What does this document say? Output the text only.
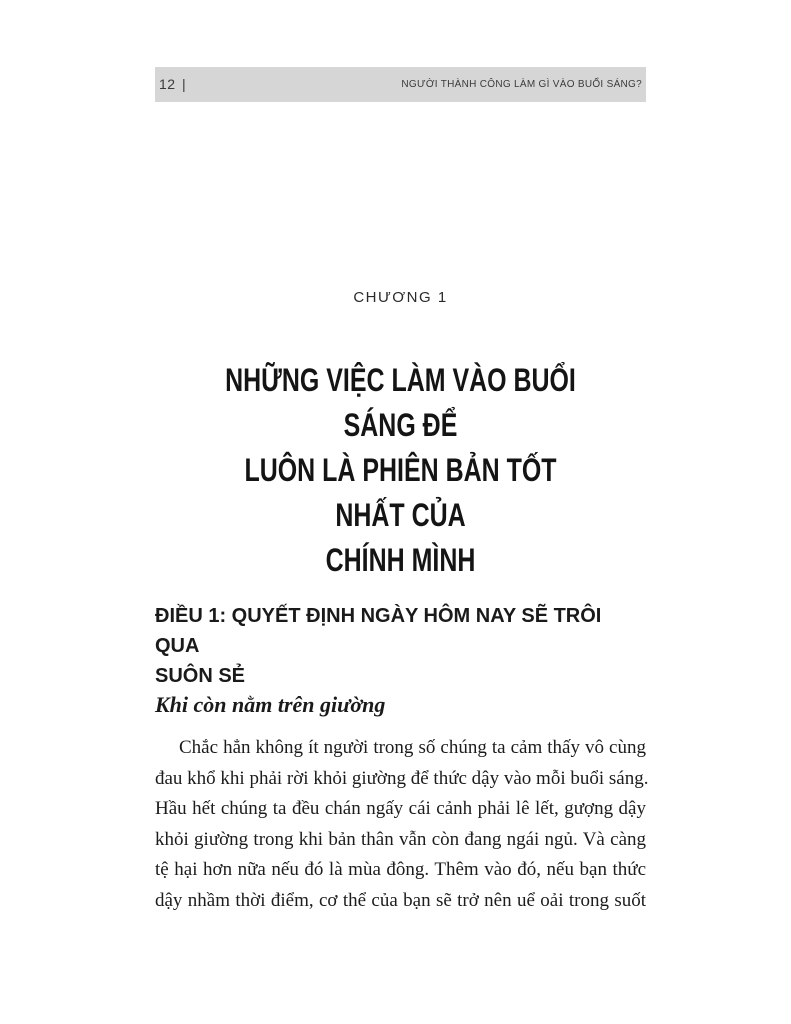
12 |	NGƯỜI THÀNH CÔNG LÀM GÌ VÀO BUỔI SÁNG?
CHƯƠNG 1
NHỮNG VIỆC LÀM VÀO BUỔI SÁNG ĐỂ
LUÔN LÀ PHIÊN BẢN TỐT NHẤT CỦA
CHÍNH MÌNH
ĐIỀU 1: QUYẾT ĐỊNH NGÀY HÔM NAY SẼ TRÔI QUA
SUÔN SẺ
Khi còn nằm trên giường
Chắc hẳn không ít người trong số chúng ta cảm thấy vô cùng
đau khổ khi phải rời khỏi giường để thức dậy vào mỗi buổi sáng.
Hầu hết chúng ta đều chán ngấy cái cảnh phải lê lết, gượng dậy
khỏi giường trong khi bản thân vẫn còn đang ngái ngủ. Và càng
tệ hại hơn nữa nếu đó là mùa đông. Thêm vào đó, nếu bạn thức
dậy nhầm thời điểm, cơ thể của bạn sẽ trở nên uể oải trong suốt
